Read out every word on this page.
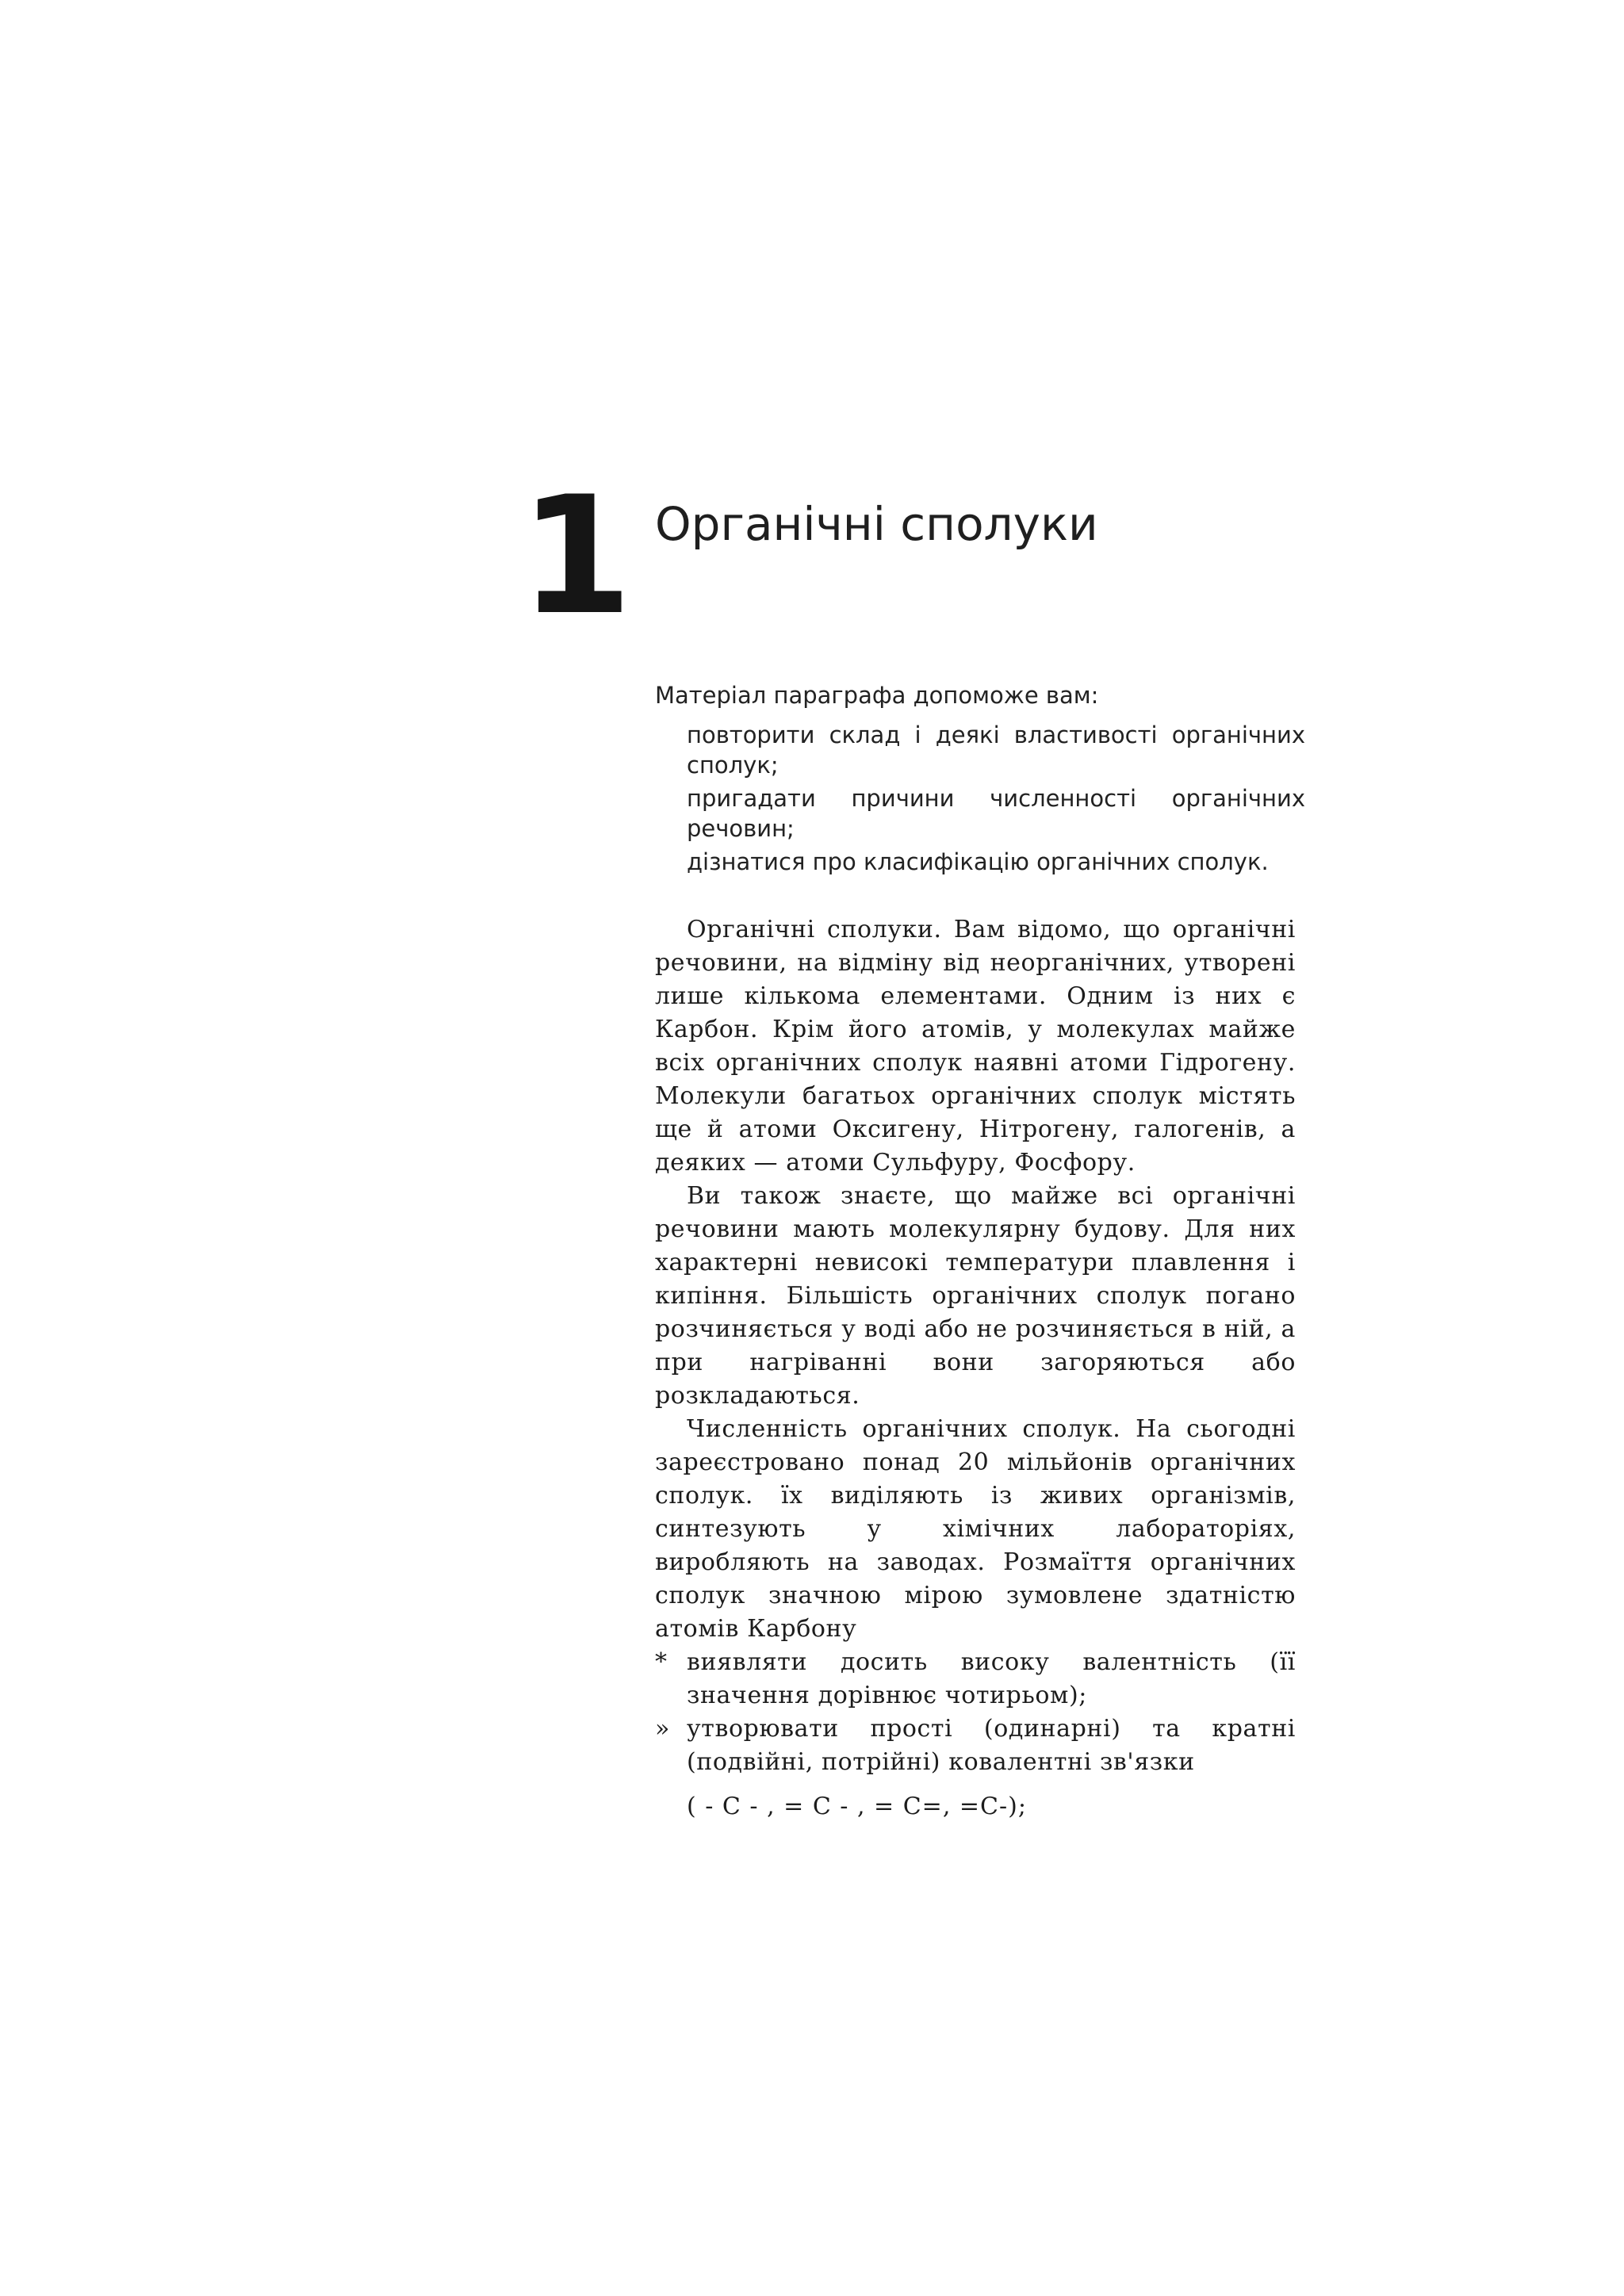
1 Органічні сполуки

Матеріал параграфа допоможе вам:

повторити склад і деякі властивості органічних сполук;
пригадати причини численності органічних речовин;
дізнатися про класифікацію органічних сполук.

Органічні сполуки. Вам відомо, що органічні речовини, на відміну від неорганічних, утворені лише кількома елементами. Одним із них є Карбон. Крім його атомів, у молекулах майже всіх органічних сполук наявні атоми Гідрогену. Молекули багатьох органічних сполук містять ще й атоми Оксигену, Нітрогену, галогенів, а деяких — атоми Сульфуру, Фосфору.

Ви також знаєте, що майже всі органічні речовини мають молекулярну будову. Для них характерні невисокі температури плавлення і кипіння. Більшість органічних сполук погано розчиняється у воді або не розчиняється в ній, а при нагріванні вони загоряються або розкладаються.

Численність органічних сполук. На сьогодні зареєстровано понад 20 мільйонів органічних сполук. їх виділяють із живих організмів, синтезують у хімічних лабораторіях, виробляють на заводах. Розмаїття органічних сполук значною мірою зумовлене здатністю атомів Карбону

* виявляти досить високу валентність (її значення дорівнює чотирьом);
» утворювати прості (одинарні) та кратні (подвійні, потрійні) ковалентні зв'язки
( - С - , = С - , = С=, =С-);
